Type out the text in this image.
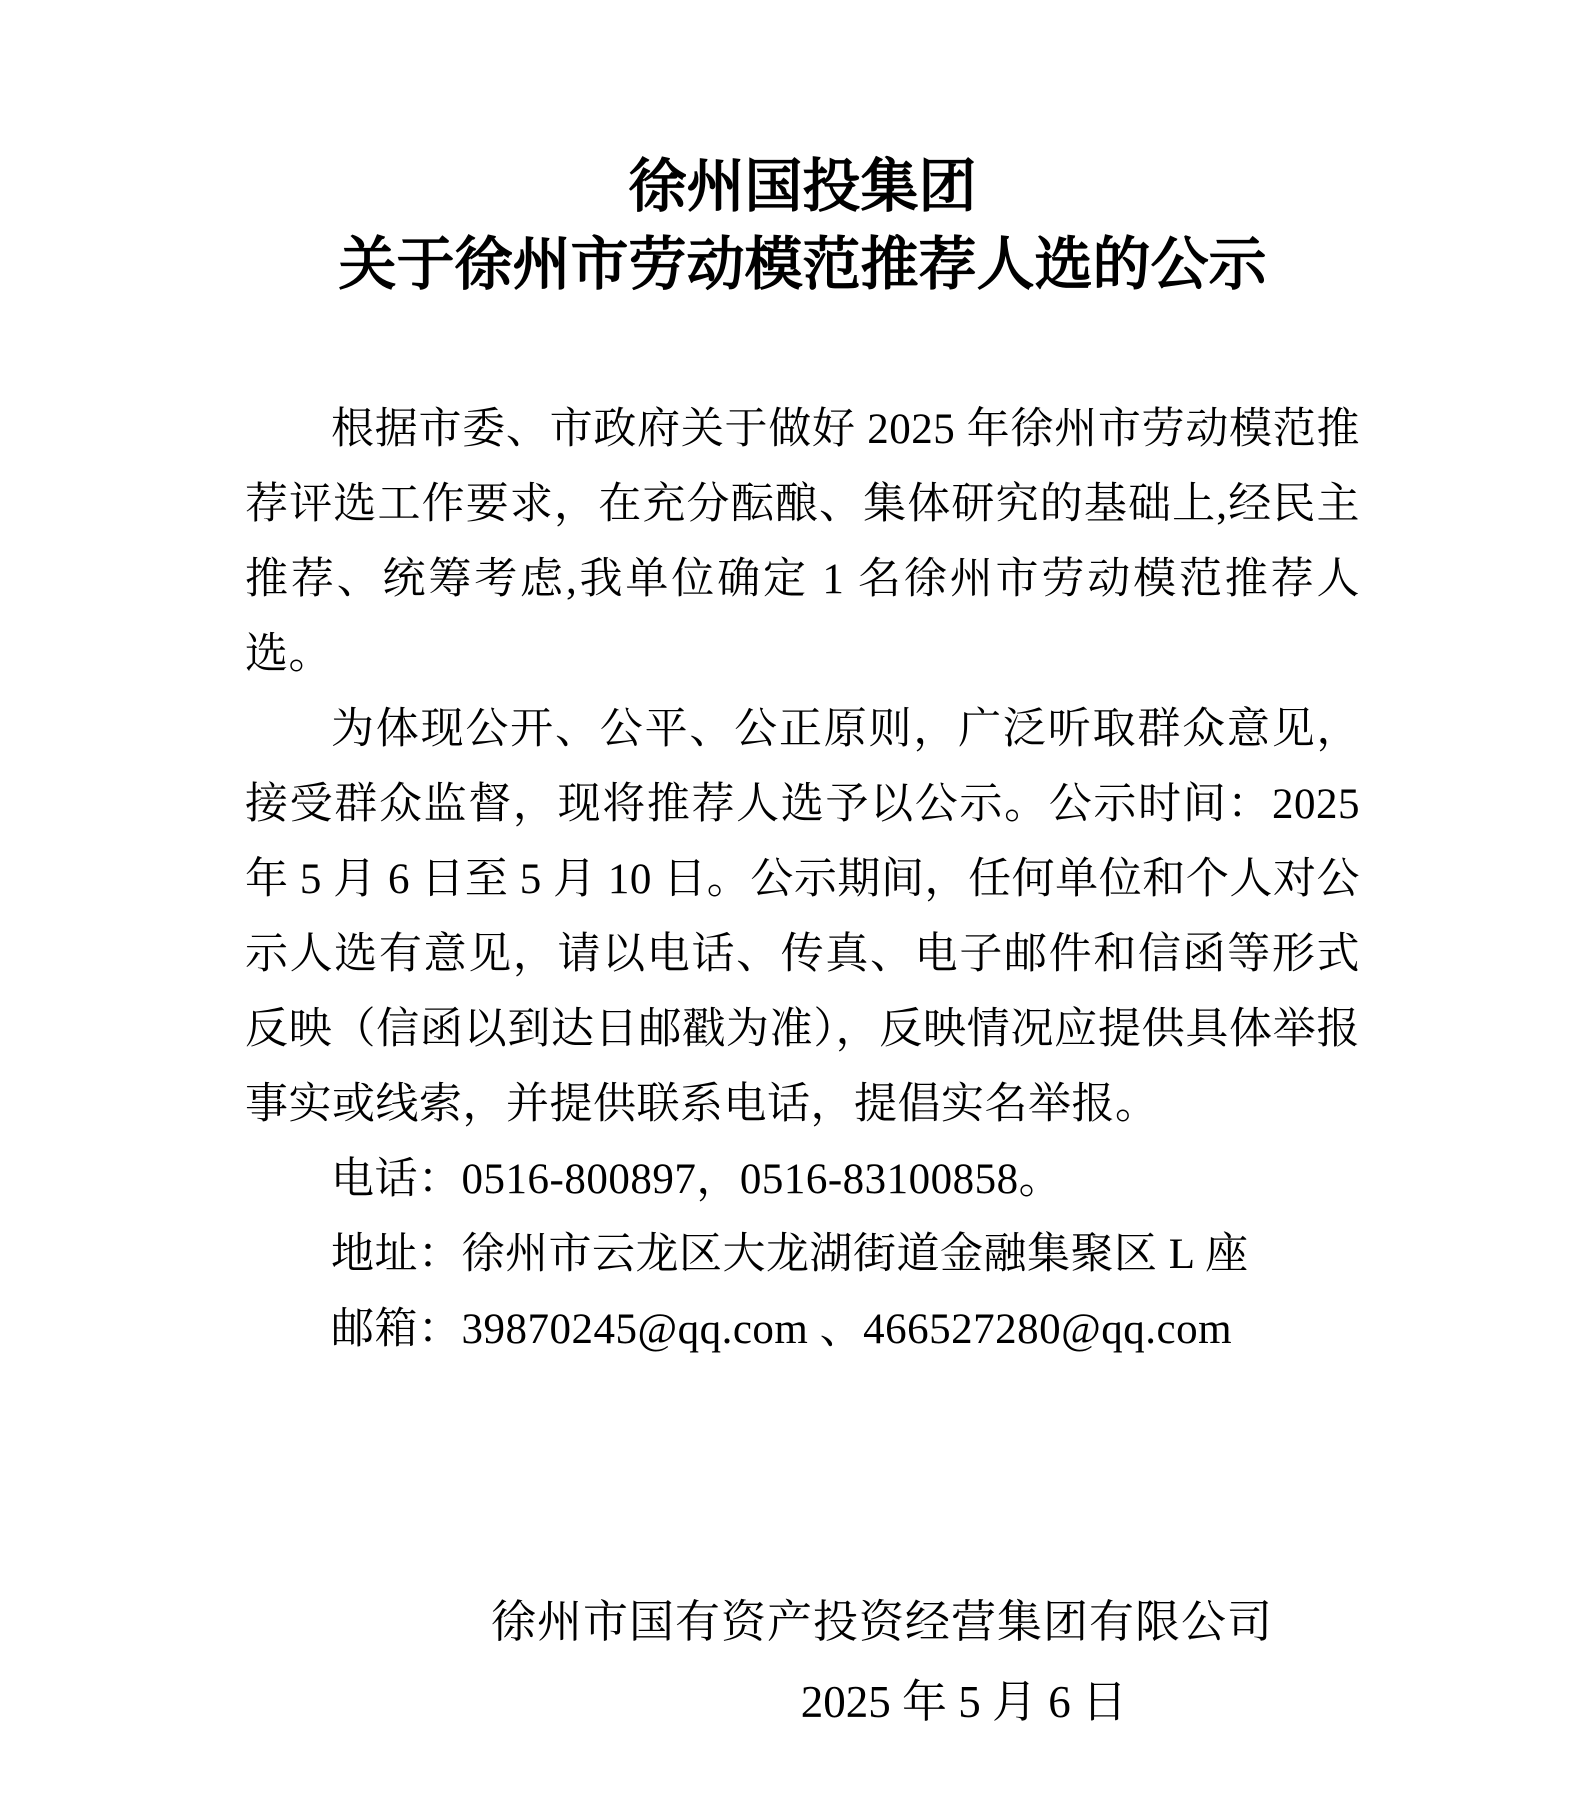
徐州国投集团
关于徐州市劳动模范推荐人选的公示

根据市委、市政府关于做好 2025 年徐州市劳动模范推荐评选工作要求，在充分酝酿、集体研究的基础上,经民主推荐、统筹考虑,我单位确定 1 名徐州市劳动模范推荐人选。

为体现公开、公平、公正原则，广泛听取群众意见，接受群众监督，现将推荐人选予以公示。公示时间：2025 年 5 月 6 日至 5 月 10 日。公示期间，任何单位和个人对公示人选有意见，请以电话、传真、电子邮件和信函等形式反映（信函以到达日邮戳为准），反映情况应提供具体举报事实或线索，并提供联系电话，提倡实名举报。

电话：0516-800897，0516-83100858。
地址：徐州市云龙区大龙湖街道金融集聚区 L 座
邮箱：39870245@qq.com 、466527280@qq.com
徐州市国有资产投资经营集团有限公司
2025 年 5 月 6 日
